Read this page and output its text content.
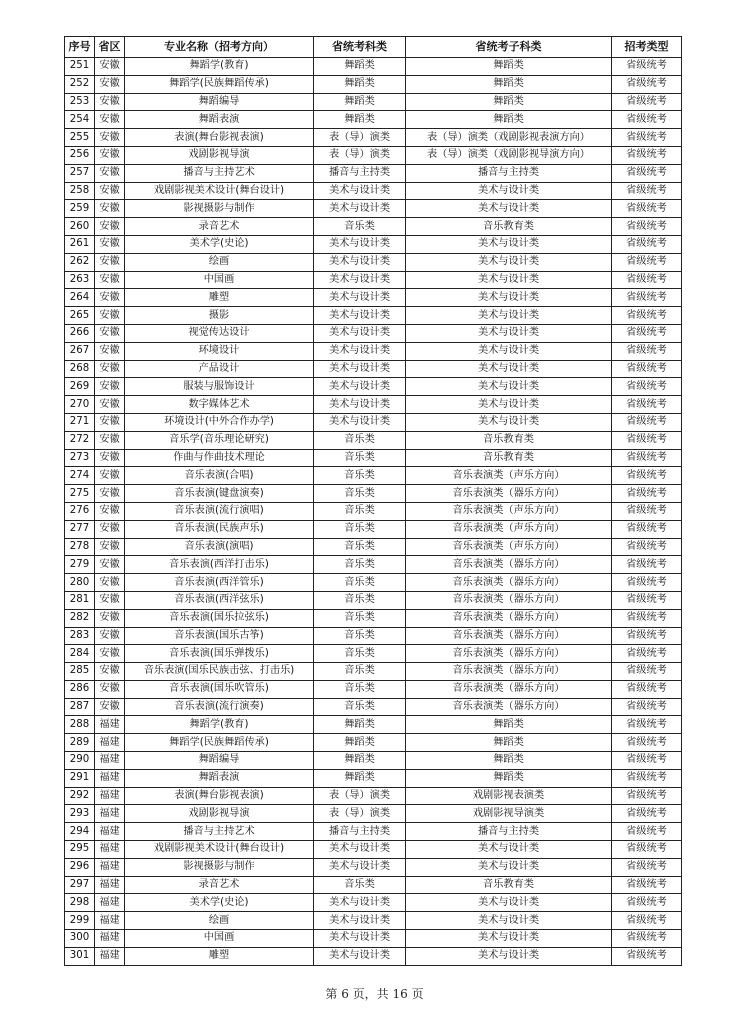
序号	省区	专业名称（招考方向）	省统考科类	省统考子科类	招考类型
251	安徽	舞蹈学(教育)	舞蹈类	舞蹈类	省级统考
252	安徽	舞蹈学(民族舞蹈传承)	舞蹈类	舞蹈类	省级统考
253	安徽	舞蹈编导	舞蹈类	舞蹈类	省级统考
254	安徽	舞蹈表演	舞蹈类	舞蹈类	省级统考
255	安徽	表演(舞台影视表演)	表（导）演类	表（导）演类（戏剧影视表演方向）	省级统考
256	安徽	戏剧影视导演	表（导）演类	表（导）演类（戏剧影视导演方向）	省级统考
257	安徽	播音与主持艺术	播音与主持类	播音与主持类	省级统考
258	安徽	戏剧影视美术设计(舞台设计)	美术与设计类	美术与设计类	省级统考
259	安徽	影视摄影与制作	美术与设计类	美术与设计类	省级统考
260	安徽	录音艺术	音乐类	音乐教育类	省级统考
261	安徽	美术学(史论)	美术与设计类	美术与设计类	省级统考
262	安徽	绘画	美术与设计类	美术与设计类	省级统考
263	安徽	中国画	美术与设计类	美术与设计类	省级统考
264	安徽	雕塑	美术与设计类	美术与设计类	省级统考
265	安徽	摄影	美术与设计类	美术与设计类	省级统考
266	安徽	视觉传达设计	美术与设计类	美术与设计类	省级统考
267	安徽	环境设计	美术与设计类	美术与设计类	省级统考
268	安徽	产品设计	美术与设计类	美术与设计类	省级统考
269	安徽	服装与服饰设计	美术与设计类	美术与设计类	省级统考
270	安徽	数字媒体艺术	美术与设计类	美术与设计类	省级统考
271	安徽	环境设计(中外合作办学)	美术与设计类	美术与设计类	省级统考
272	安徽	音乐学(音乐理论研究)	音乐类	音乐教育类	省级统考
273	安徽	作曲与作曲技术理论	音乐类	音乐教育类	省级统考
274	安徽	音乐表演(合唱)	音乐类	音乐表演类（声乐方向）	省级统考
275	安徽	音乐表演(键盘演奏)	音乐类	音乐表演类（器乐方向）	省级统考
276	安徽	音乐表演(流行演唱)	音乐类	音乐表演类（声乐方向）	省级统考
277	安徽	音乐表演(民族声乐)	音乐类	音乐表演类（声乐方向）	省级统考
278	安徽	音乐表演(演唱)	音乐类	音乐表演类（声乐方向）	省级统考
279	安徽	音乐表演(西洋打击乐)	音乐类	音乐表演类（器乐方向）	省级统考
280	安徽	音乐表演(西洋管乐)	音乐类	音乐表演类（器乐方向）	省级统考
281	安徽	音乐表演(西洋弦乐)	音乐类	音乐表演类（器乐方向）	省级统考
282	安徽	音乐表演(国乐拉弦乐)	音乐类	音乐表演类（器乐方向）	省级统考
283	安徽	音乐表演(国乐古筝)	音乐类	音乐表演类（器乐方向）	省级统考
284	安徽	音乐表演(国乐弹拨乐)	音乐类	音乐表演类（器乐方向）	省级统考
285	安徽	音乐表演(国乐民族击弦、打击乐)	音乐类	音乐表演类（器乐方向）	省级统考
286	安徽	音乐表演(国乐吹管乐)	音乐类	音乐表演类（器乐方向）	省级统考
287	安徽	音乐表演(流行演奏)	音乐类	音乐表演类（器乐方向）	省级统考
288	福建	舞蹈学(教育)	舞蹈类	舞蹈类	省级统考
289	福建	舞蹈学(民族舞蹈传承)	舞蹈类	舞蹈类	省级统考
290	福建	舞蹈编导	舞蹈类	舞蹈类	省级统考
291	福建	舞蹈表演	舞蹈类	舞蹈类	省级统考
292	福建	表演(舞台影视表演)	表（导）演类	戏剧影视表演类	省级统考
293	福建	戏剧影视导演	表（导）演类	戏剧影视导演类	省级统考
294	福建	播音与主持艺术	播音与主持类	播音与主持类	省级统考
295	福建	戏剧影视美术设计(舞台设计)	美术与设计类	美术与设计类	省级统考
296	福建	影视摄影与制作	美术与设计类	美术与设计类	省级统考
297	福建	录音艺术	音乐类	音乐教育类	省级统考
298	福建	美术学(史论)	美术与设计类	美术与设计类	省级统考
299	福建	绘画	美术与设计类	美术与设计类	省级统考
300	福建	中国画	美术与设计类	美术与设计类	省级统考
301	福建	雕塑	美术与设计类	美术与设计类	省级统考
第 6 页，共 16 页
